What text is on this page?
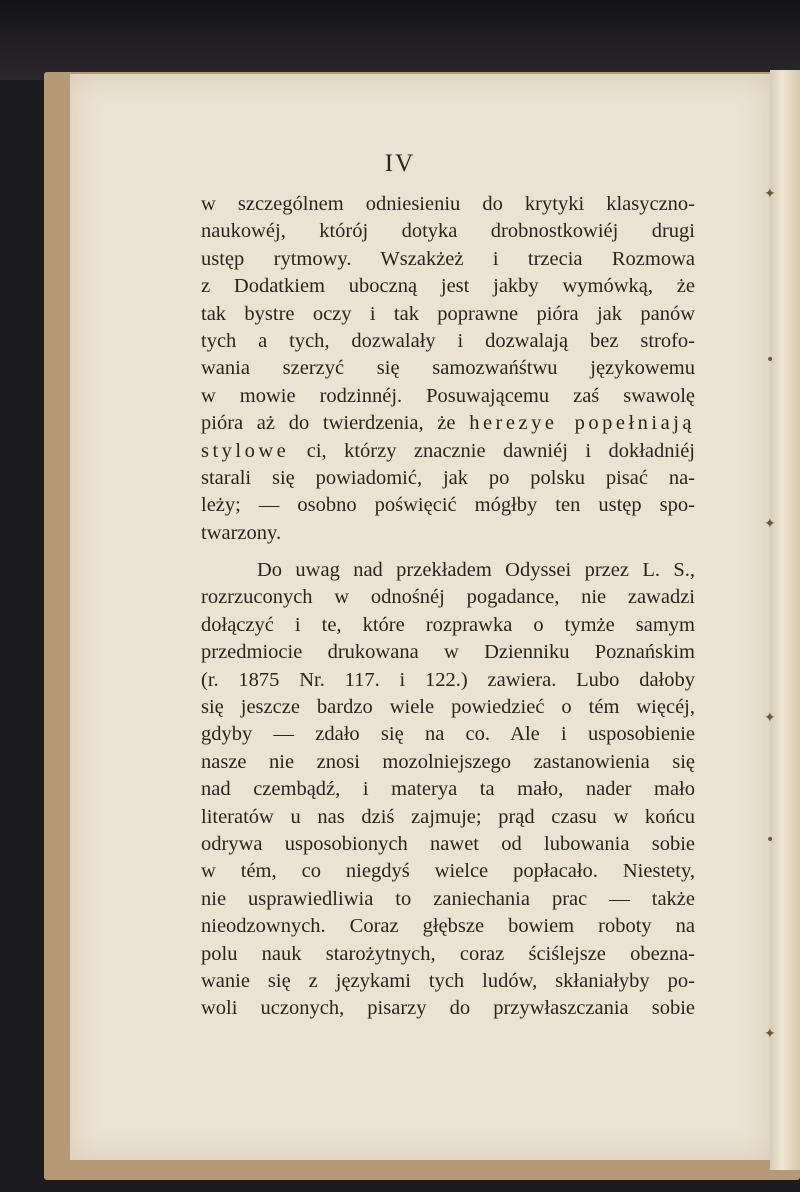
✦
•
✦
✦
•
✦
IV
w szczególnem odniesieniu do krytyki klasyczno-
naukowéj, którój dotyka drobnostkowiéj drugi
ustęp rytmowy. Wszakżeż i trzecia Rozmowa
z Dodatkiem uboczną jest jakby wymówką, że
tak bystre oczy i tak poprawne pióra jak panów
tych a tych, dozwalały i dozwalają bez strofo-
wania szerzyć się samozwańśtwu językowemu
w mowie rodzinnéj. Posuwającemu zaś swawolę
pióra aż do twierdzenia, że herezye popełniają
stylowe ci, którzy znacznie dawniéj i dokładniéj
starali się powiadomić, jak po polsku pisać na-
leży; — osobno poświęcić mógłby ten ustęp spo-
twarzony.
Do uwag nad przekładem Odyssei przez L. S.,
rozrzuconych w odnośnéj pogadance, nie zawadzi
dołączyć i te, które rozprawka o tymże samym
przedmiocie drukowana w Dzienniku Poznańskim
(r. 1875 Nr. 117. i 122.) zawiera. Lubo dałoby
się jeszcze bardzo wiele powiedzieć o tém więcéj,
gdyby — zdało się na co. Ale i usposobienie
nasze nie znosi mozolniejszego zastanowienia się
nad czembądź, i materya ta mało, nader mało
literatów u nas dziś zajmuje; prąd czasu w końcu
odrywa usposobionych nawet od lubowania sobie
w tém, co niegdyś wielce popłacało. Niestety,
nie usprawiedliwia to zaniechania prac — także
nieodzownych. Coraz głębsze bowiem roboty na
polu nauk starożytnych, coraz ściślejsze obezna-
wanie się z językami tych ludów, skłaniałyby po-
woli uczonych, pisarzy do przywłaszczania sobie
